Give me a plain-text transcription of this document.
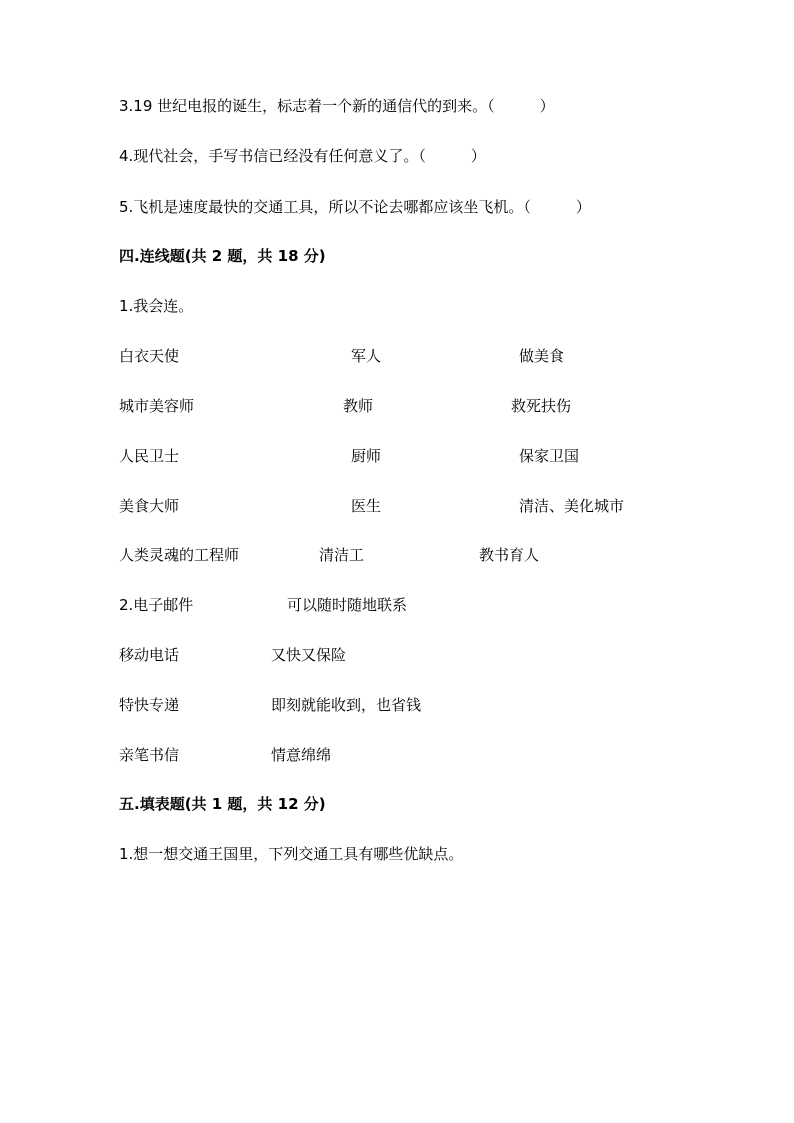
3.19 世纪电报的诞生，标志着一个新的通信代的到来。（　　　）
4.现代社会，手写书信已经没有任何意义了。（　　　）
5.飞机是速度最快的交通工具，所以不论去哪都应该坐飞机。（　　　）
四.连线题(共 2 题，共 18 分)
1.我会连。
白衣天使	军人	做美食
城市美容师	教师	救死扶伤
人民卫士	厨师	保家卫国
美食大师	医生	清洁、美化城市
人类灵魂的工程师	清洁工	教书育人
2.电子邮件	可以随时随地联系
移动电话	又快又保险
特快专递	即刻就能收到，也省钱
亲笔书信	情意绵绵
五.填表题(共 1 题，共 12 分)
1.想一想交通王国里，下列交通工具有哪些优缺点。
